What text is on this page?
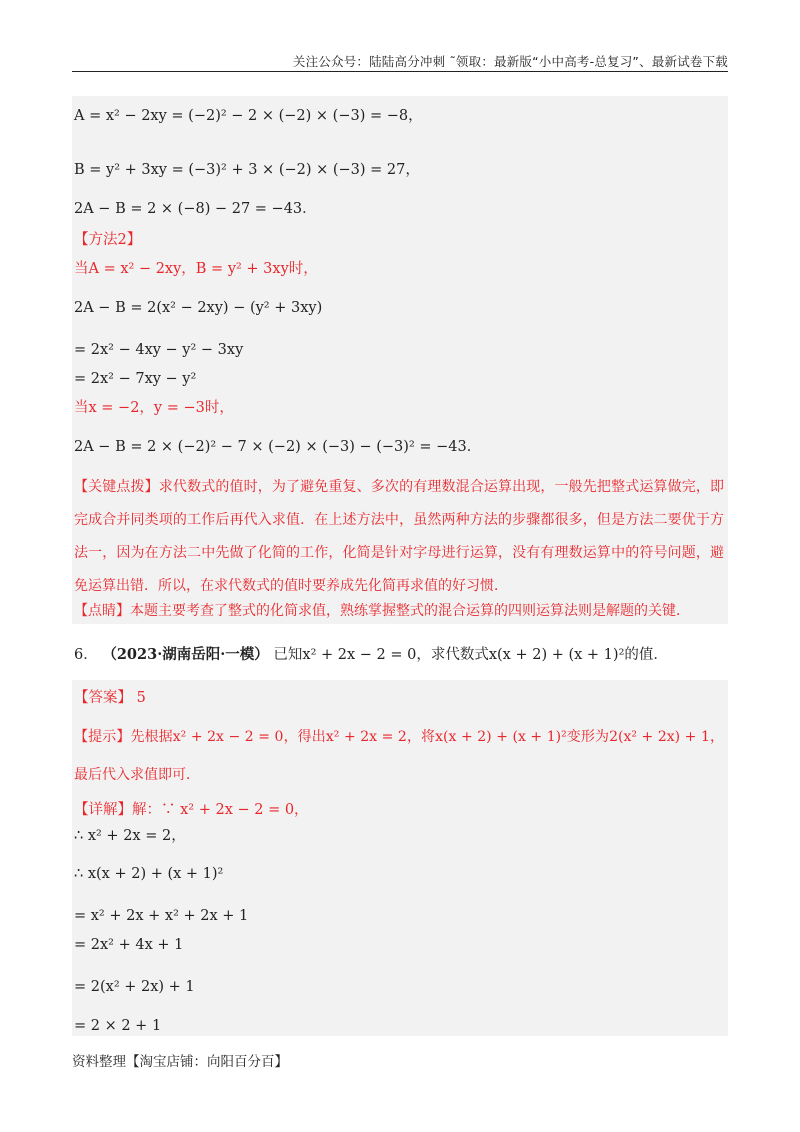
关注公众号：陆陆高分冲刺 ˜领取：最新版“小中高考-总复习”、最新试卷下载
A = x² − 2xy = (−2)² − 2 × (−2) × (−3) = −8，
B = y² + 3xy = (−3)² + 3 × (−2) × (−3) = 27，
2A − B = 2 × (−8) − 27 = −43．
【方法2】
当A = x² − 2xy，B = y² + 3xy时，
2A − B = 2(x² − 2xy) − (y² + 3xy)
= 2x² − 4xy − y² − 3xy
= 2x² − 7xy − y²
当x = −2，y = −3时，
2A − B = 2 × (−2)² − 7 × (−2) × (−3) − (−3)² = −43．
【关键点拨】求代数式的值时，为了避免重复、多次的有理数混合运算出现，一般先把整式运算做完，即完成合并同类项的工作后再代入求值．在上述方法中，虽然两种方法的步骤都很多，但是方法二要优于方法一，因为在方法二中先做了化简的工作，化简是针对字母进行运算，没有有理数运算中的符号问题，避免运算出错．所以，在求代数式的值时要养成先化简再求值的好习惯．
【点睛】本题主要考查了整式的化简求值，熟练掌握整式的混合运算的四则运算法则是解题的关键．
6． （2023·湖南岳阳·一模） 已知x² + 2x − 2 = 0，求代数式x(x + 2) + (x + 1)²的值．
【答案】 5
【提示】先根据x² + 2x − 2 = 0，得出x² + 2x = 2，将x(x + 2) + (x + 1)²变形为2(x² + 2x) + 1，最后代入求值即可．
【详解】解：∵ x² + 2x − 2 = 0，
∴ x² + 2x = 2，
∴ x(x + 2) + (x + 1)²
= x² + 2x + x² + 2x + 1
= 2x² + 4x + 1
= 2(x² + 2x) + 1
= 2 × 2 + 1
资料整理【淘宝店铺：向阳百分百】
